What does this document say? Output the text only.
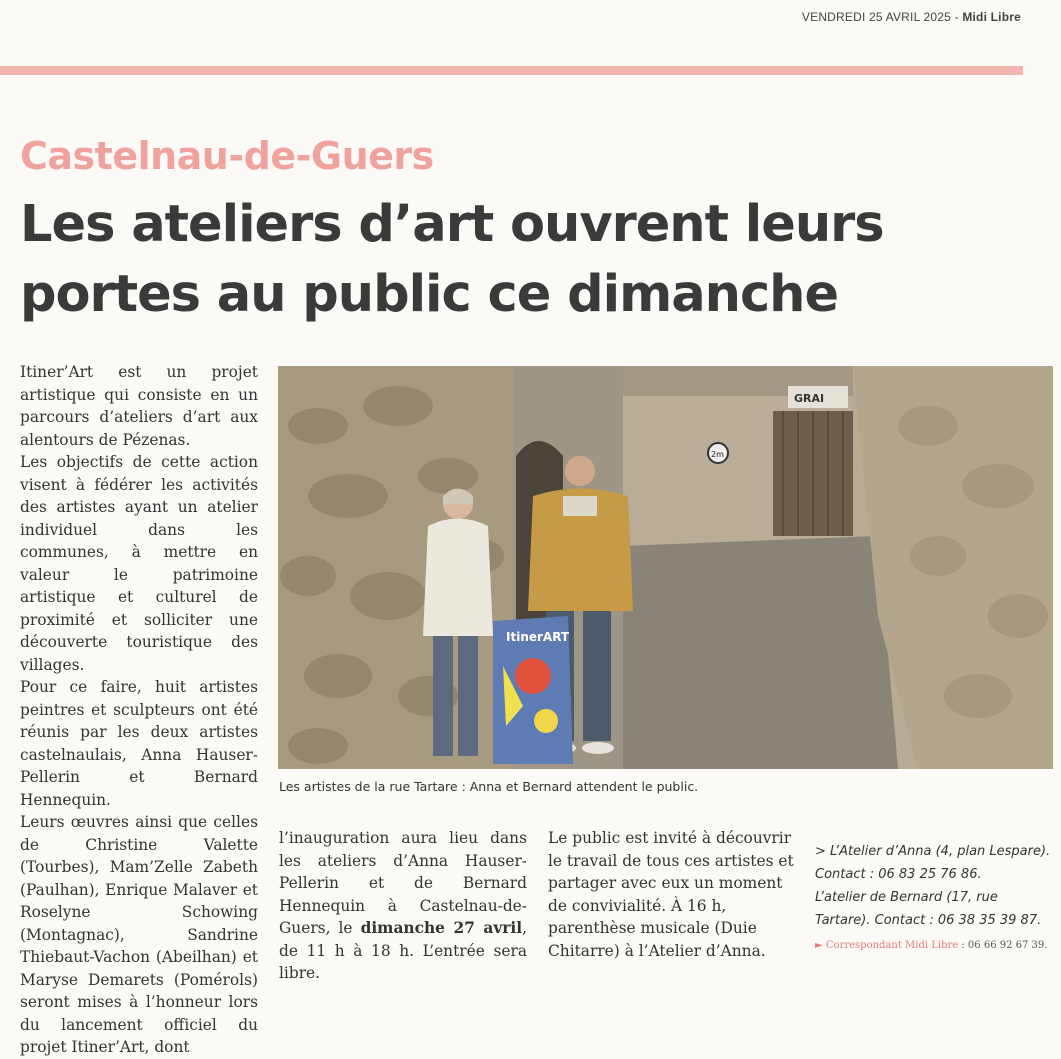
VENDREDI 25 AVRIL 2025 - Midi Libre
Castelnau-de-Guers
Les ateliers d’art ouvrent leurs
portes au public ce dimanche

Itiner’Art est un projet artistique qui consiste en un parcours d’ateliers d’art aux alentours de Pézenas.

Les objectifs de cette action visent à fédérer les activités des artistes ayant un atelier individuel dans les communes, à mettre en valeur le patrimoine artistique et culturel de proximité et solliciter une découverte touristique des villages.

Pour ce faire, huit artistes peintres et sculpteurs ont été réunis par les deux artistes castelnaulais, Anna Hauser-Pellerin et Bernard Hennequin.

Leurs œuvres ainsi que celles de Christine Valette (Tourbes), Mam’Zelle Zabeth (Paulhan), Enrique Malaver et Roselyne Schowing (Montagnac), Sandrine Thiebaut-Vachon (Abeilhan) et Maryse Demarets (Pomérols) seront mises à l’honneur lors du lancement officiel du projet Itiner’Art, dont

GRAI
2m
ItinerART
Les artistes de la rue Tartare : Anna et Bernard attendent le public.

l’inauguration aura lieu dans les ateliers d’Anna Hauser-Pellerin et de Bernard Hennequin à Castelnau-de-Guers, le dimanche 27 avril, de 11 h à 18 h. L’entrée sera libre.

Le public est invité à découvrir le travail de tous ces artistes et partager avec eux un moment de convivialité. À 16 h, parenthèse musicale (Duie Chitarre) à l’Atelier d’Anna.

> L’Atelier d’Anna (4, plan Lespare).
Contact : 06 83 25 76 86.
L’atelier de Bernard (17, rue
Tartare). Contact : 06 38 35 39 87.
► Correspondant Midi Libre : 06 66 92 67 39.
